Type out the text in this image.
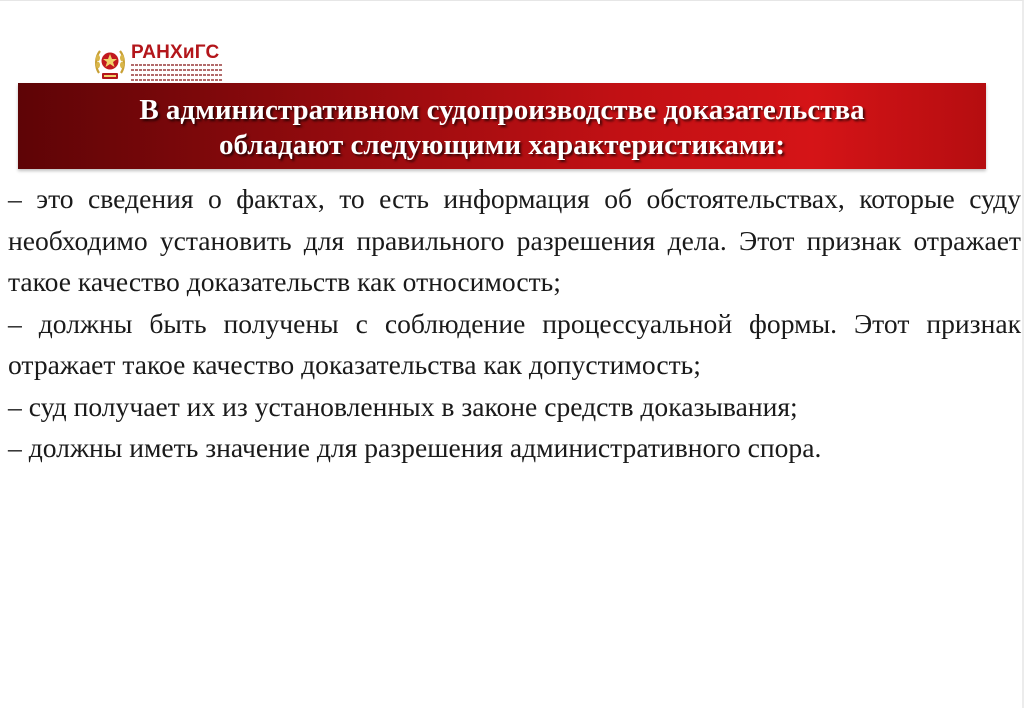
РАНХиГС
В административном судопроизводстве доказательства
обладают следующими характеристиками:

– это сведения о фактах, то есть информация об обстоятельствах, которые суду необходимо установить для правильного разрешения дела. Этот признак отражает такое качество доказательств как относимость;

– должны быть получены с соблюдение процессуальной формы. Этот признак отражает такое качество доказательства как допустимость;

– суд получает их из установленных в законе средств доказывания;

– должны иметь значение для разрешения административного спора.
